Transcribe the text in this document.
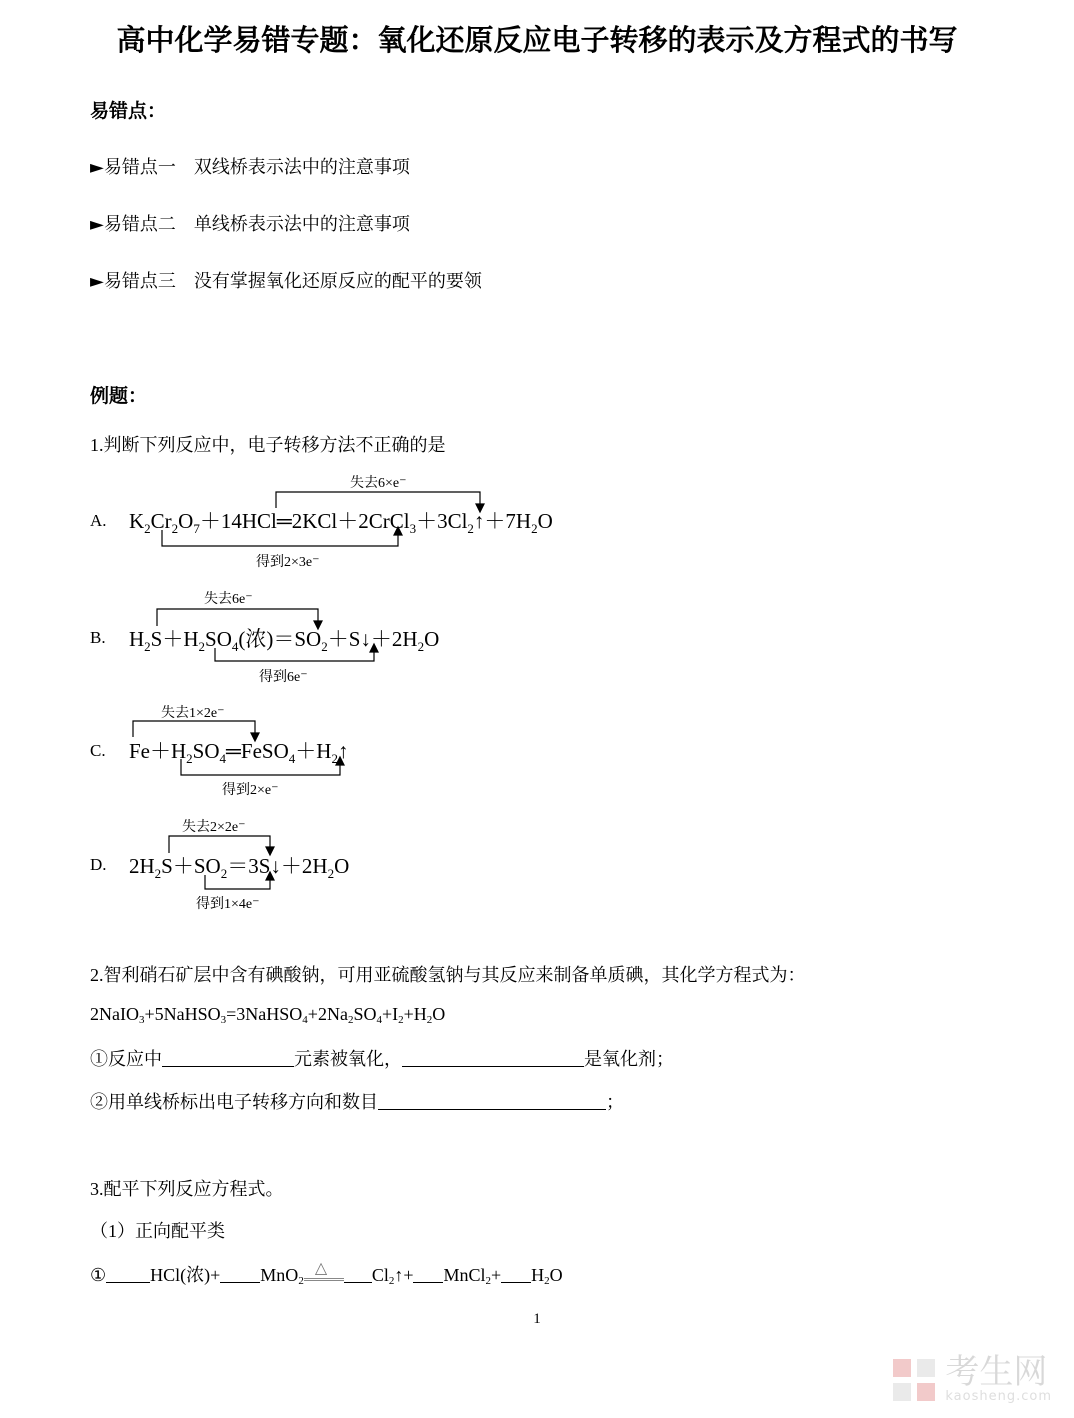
高中化学易错专题：氧化还原反应电子转移的表示及方程式的书写
易错点：
►易错点一 双线桥表示法中的注意事项
►易错点二 单线桥表示法中的注意事项
►易错点三 没有掌握氧化还原反应的配平的要领
例题：
1.判断下列反应中，电子转移方法不正确的是
失去6×e⁻
A. $K_2Cr_2O_7+14HCl═2KCl+2CrCl_3+3Cl_2↑+7H_2O$
得到2×3e⁻
失去6e⁻
B. $H_2S+H_2SO_4$(浓)$=SO_2+S↓+2H_2O$
得到6e⁻
失去1×2e⁻
C. $Fe+H_2SO_4═FeSO_4+H_2↑$
得到2×e⁻
失去2×2e⁻
D. $2H_2S+SO_2=3S↓+2H_2O$
得到1×4e⁻
2.智利硝石矿层中含有碘酸钠，可用亚硫酸氢钠与其反应来制备单质碘，其化学方程式为：
$2NaIO_3+5NaHSO_3=3NaHSO_4+2Na_2SO_4+I_2+H_2O$
①反应中	元素被氧化，	是氧化剂；
②用单线桥标出电子转移方向和数目	；
3.配平下列反应方程式。
（1）正向配平类
① HCl(浓)+ MnO$_2$
△ $Cl_2↑+$ MnCl$_2$+ $H_2O$
1
考生网
kaosheng.com
